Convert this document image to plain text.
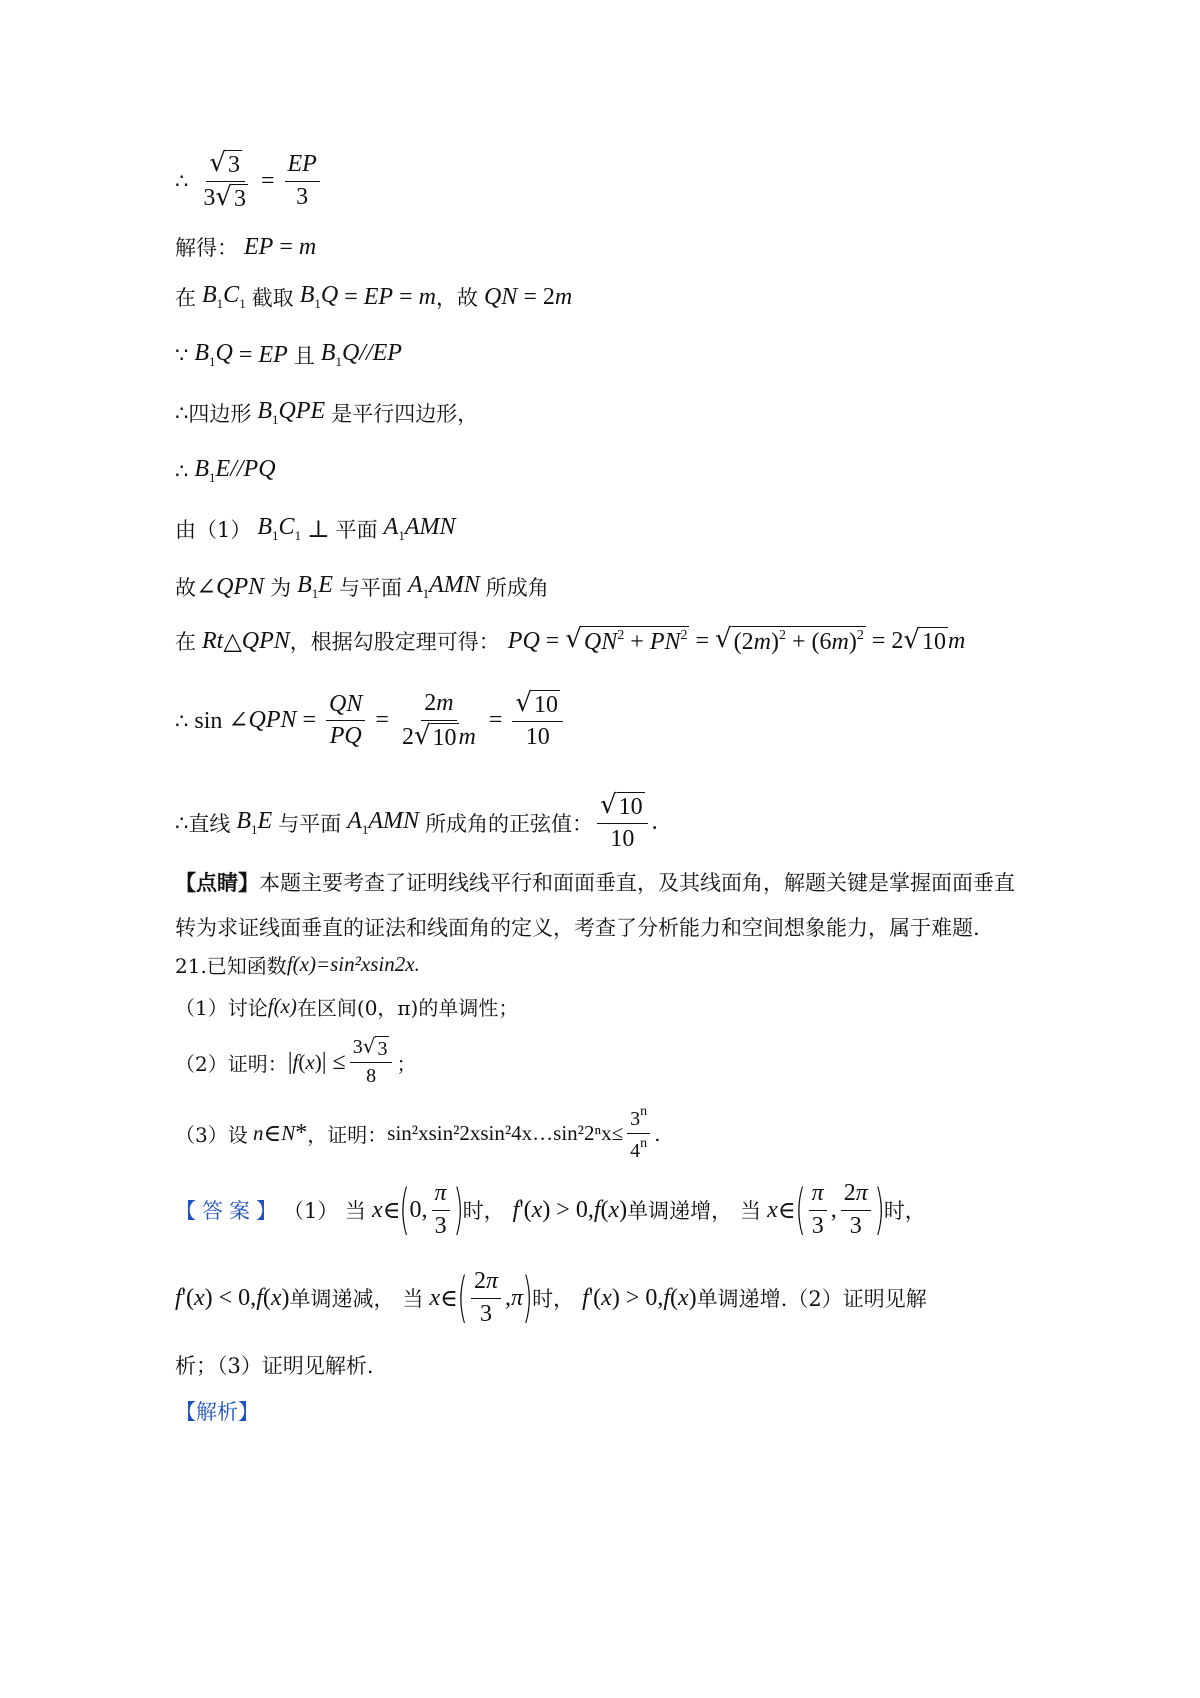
∴ $\frac{√ 3}{3 √ 3} = \frac{EP}{3}$
解得： EP = m
在 $B_1C_1$ 截取 $B_1Q$ = EP = m ，故 QN = 2 m
∵ $B_1Q$ = EP 且 $B_1Q//EP$
∴ 四边形 $B_1QPE$ 是平行四边形，
∴ $B_1E//PQ$
由（1） $B_1C_1$ ⊥ 平面 $A_1AMN$
故 ∠ QPN 为 $B_1E$ 与平面 $A_1AMN$ 所成角
在 Rt △ QPN ，根据勾股定理可得： PQ = √ $QN^2 + PN^2$ = √ $(2m)^2 + (6m)^2 = 2$ √ 10 m
∴ sin ∠ QPN = $\frac{QN}{PQ} = \frac{2m}{2 √ 10 m} = \frac{√ 10}{10}$
∴ 直线 $B_1E$ 与平面 $A_1AMN$ 所成角的正弦值： $\frac{√ 10}{10}$ .
【点睛】本题主要考查了证明线线平行和面面垂直，及其线面角，解题关键是掌握面面垂直
转为求证线面垂直的证法和线面角的定义，考查了分析能力和空间想象能力，属于难题.
21.已知函数 f(x)=sin²xsin2x.
（1）讨论 f(x) 在区间(0，π)的单调性；
（2）证明： | f ( x ) | ≤ $\frac{3 √ 3}{8}$ ；
（3）设 n ∈ N * ，证明： sin²xsin²2xsin²4x…sin²2ⁿx≤ $\frac{3^n}{4^n}$ .
【答案】 （1） 当 x ∈ ( 0, $\frac{\pi}{3}$ ) 时， f '( x ) > 0, f ( x ) 单调递增， 当 x ∈ ( $\frac{\pi}{3}$ , $\frac{2\pi}{3}$ ) 时，
f '( x ) < 0, f ( x ) 单调递减， 当 x ∈ ( $\frac{2\pi}{3}$ , π ) 时， f '( x ) > 0, f ( x ) 单调递增. （2）证明见解
析；（3）证明见解析.
【解析】
